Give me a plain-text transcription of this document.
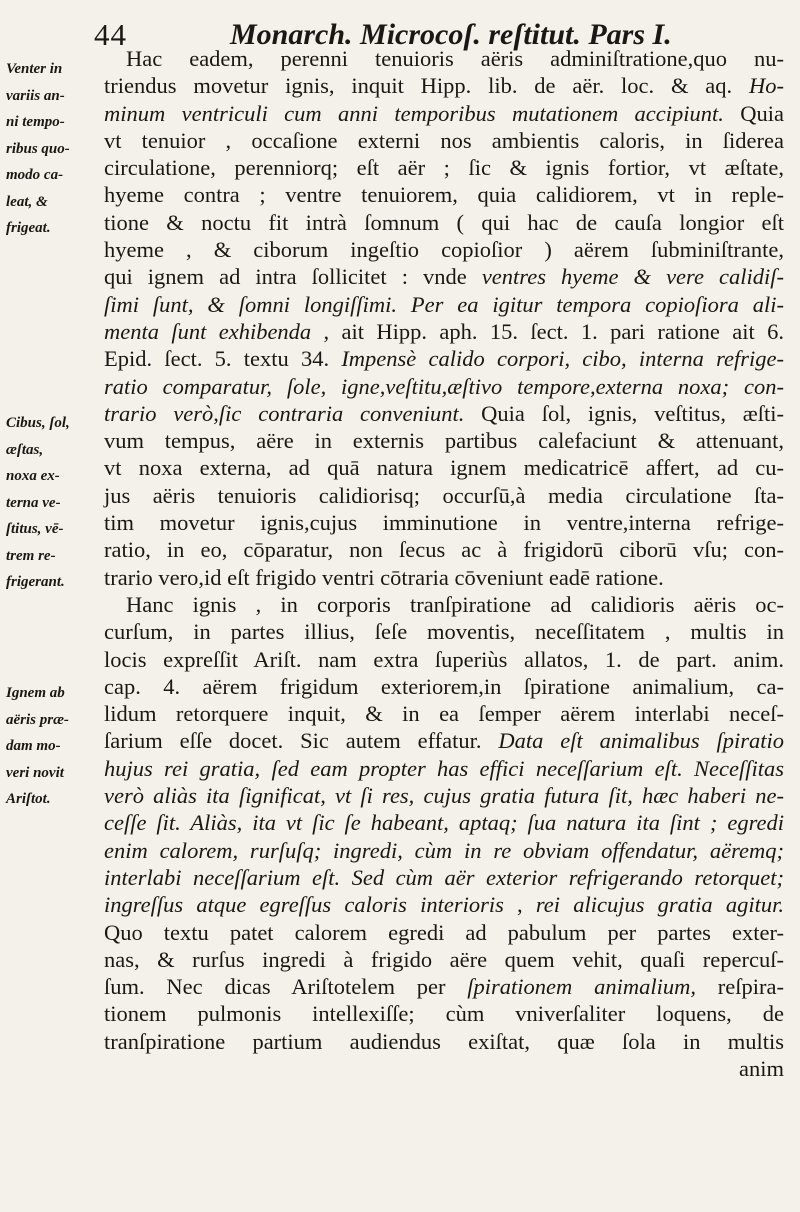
44	Monarch. Microcoſ. reſtitut. Pars I.
Venter in
variis an-
ni tempo-
ribus quo-
modo ca-
leat, &
frigeat.
Cibus, ſol,
æſtas,
noxa ex-
terna ve-
ſtitus, vē-
trem re-
frigerant.
Ignem ab
aëris præ-
dam mo-
veri novit
Ariſtot.
Hac eadem, perenni tenuioris aëris adminiſtratione,quo nu-
triendus movetur ignis, inquit Hipp. lib. de aër. loc. & aq. Ho-
minum ventriculi cum anni temporibus mutationem accipiunt. Quia
vt tenuior , occaſione externi nos ambientis caloris, in ſiderea
circulatione, perenniorq; eſt aër ; ſic & ignis fortior, vt æſtate,
hyeme contra ; ventre tenuiorem, quia calidiorem, vt in reple-
tione & noctu fit intrà ſomnum ( qui hac de cauſa longior eſt
hyeme , & ciborum ingeſtio copioſior ) aërem ſubminiſtrante,
qui ignem ad intra ſollicitet : vnde ventres hyeme & vere calidiſ-
ſimi ſunt, & ſomni longiſſimi. Per ea igitur tempora copioſiora ali-
menta ſunt exhibenda , ait Hipp. aph. 15. ſect. 1. pari ratione ait 6.
Epid. ſect. 5. textu 34. Impensè calido corpori, cibo, interna refrige-
ratio comparatur, ſole, igne,veſtitu,æſtivo tempore,externa noxa; con-
trario verò,ſic contraria conveniunt. Quia ſol, ignis, veſtitus, æſti-
vum tempus, aëre in externis partibus calefaciunt & attenuant,
vt noxa externa, ad quā natura ignem medicatricē affert, ad cu-
jus aëris tenuioris calidiorisq; occurſū,à media circulatione ſta-
tim movetur ignis,cujus imminutione in ventre,interna refrige-
ratio, in eo, cōparatur, non ſecus ac à frigidorū ciborū vſu; con-
trario vero,id eſt frigido ventri cōtraria cōveniunt eadē ratione.
Hanc ignis , in corporis tranſpiratione ad calidioris aëris oc-
curſum, in partes illius, ſeſe moventis, neceſſitatem , multis in
locis expreſſit Ariſt. nam extra ſuperiùs allatos, 1. de part. anim.
cap. 4. aërem frigidum exteriorem,in ſpiratione animalium, ca-
lidum retorquere inquit, & in ea ſemper aërem interlabi neceſ-
ſarium eſſe docet. Sic autem effatur. Data eſt animalibus ſpiratio
hujus rei gratia, ſed eam propter has effici neceſſarium eſt. Neceſſitas
verò aliàs ita ſignificat, vt ſi res, cujus gratia futura ſit, hæc haberi ne-
ceſſe ſit. Aliàs, ita vt ſic ſe habeant, aptaq; ſua natura ita ſint ; egredi
enim calorem, rurſuſq; ingredi, cùm in re obviam offendatur, aëremq;
interlabi neceſſarium eſt. Sed cùm aër exterior refrigerando retorquet;
ingreſſus atque egreſſus caloris interioris , rei alicujus gratia agitur.
Quo textu patet calorem egredi ad pabulum per partes exter-
nas, & rurſus ingredi à frigido aëre quem vehit, quaſi repercuſ-
ſum. Nec dicas Ariſtotelem per ſpirationem animalium, reſpira-
tionem pulmonis intellexiſſe; cùm vniverſaliter loquens, de
tranſpiratione partium audiendus exiſtat, quæ ſola in multis
anim
